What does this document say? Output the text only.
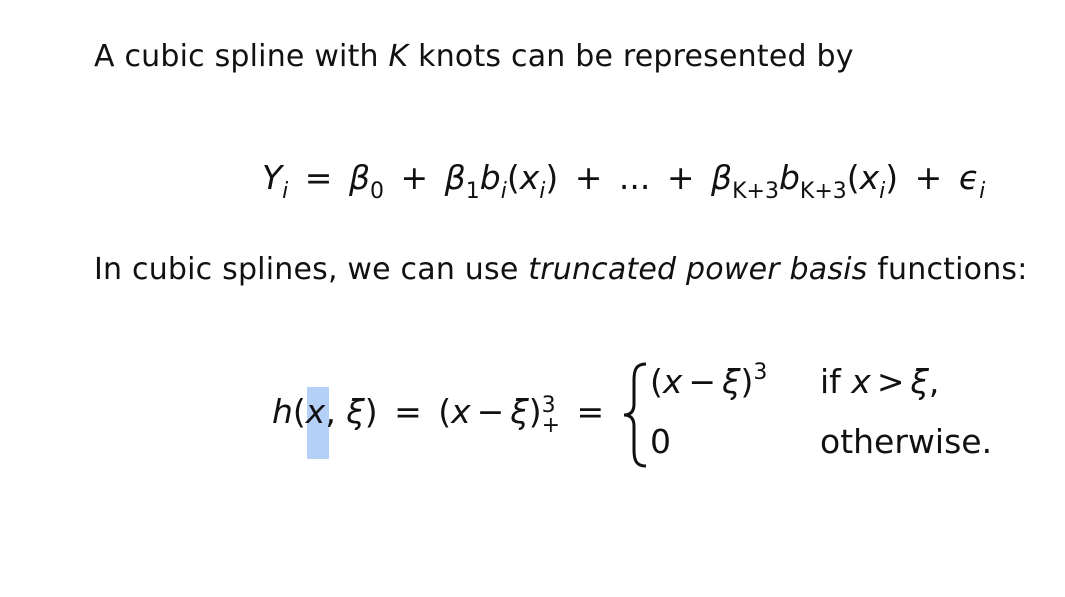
A cubic spline with K knots can be represented by
$Y_i = \beta_0 + \beta_1b_i(x_i)$ + ... + $\beta_{K+3}b_{K+3}(x_i) + \epsilon_i$
In cubic splines, we can use truncated power basis functions:
h(x, ξ) = (x − ξ) 3
+ =
$(x - \xi)^3$ if x > ξ,
0	otherwise.
